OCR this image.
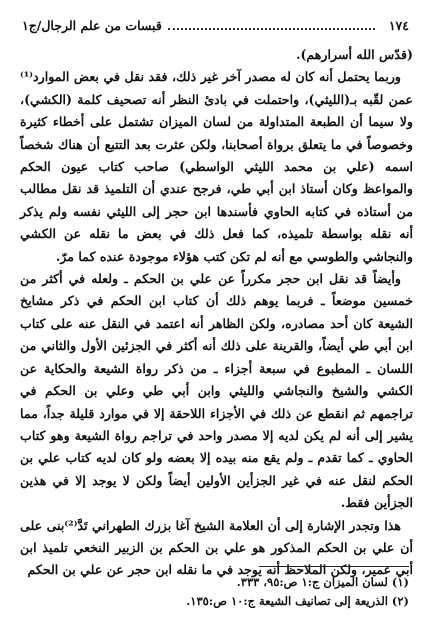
١٧٤
قبسات من علم الرجال/ج١

(قدّس الله أسرارهم).

وربما يحتمل أنه كان له مصدر آخر غير ذلك، فقد نقل في بعض الموارد⁽¹⁾عمن لقّبه بـ(الليثي)، واحتملت في بادئ النظر أنه تصحيف كلمة (الكشي)، ولا سيما أن الطبعة المتداولة من لسان الميزان تشتمل على أخطاء كثيرة وخصوصاً في ما يتعلق برواة أصحابنا، ولكن عثرت بعد التتبع أن هناك شخصاً اسمه (علي بن محمد الليثي الواسطي) صاحب كتاب عيون الحكم والمواعظ وكان أستاذ ابن أبي طي، فرجح عندي أن التلميذ قد نقل مطالب من أستاذه في كتابه الحاوي فأسندها ابن حجر إلى الليثي نفسه ولم يذكر أنه نقله بواسطة تلميذه، كما فعل ذلك في بعض ما نقله عن الكشي والنجاشي والطوسي مع أنه لم تكن كتب هؤلاء موجودة عنده كما مرّ.

وأيضاً قد نقل ابن حجر مكرراً عن علي بن الحكم ـ ولعله في أكثر من خمسين موضعاً ـ فربما يوهم ذلك أن كتاب ابن الحكم في ذكر مشايخ الشيعة كان أحد مصادره، ولكن الظاهر أنه اعتمد في النقل عنه على كتاب ابن أبي طي أيضاً، والقرينة على ذلك أنه أكثر في الجزئين الأول والثاني من اللسان ـ المطبوع في سبعة أجزاء ـ من ذكر رواة الشيعة والحكاية عن الكشي والشيخ والنجاشي والليثي وابن أبي طي وعلي بن الحكم في تراجمهم ثم انقطع عن ذلك في الأجزاء اللاحقة إلا في موارد قليلة جداً، مما يشير إلى أنه لم يكن لديه إلا مصدر واحد في تراجم رواة الشيعة وهو كتاب الحاوي ـ كما تقدم ـ ولم يقع منه بيده إلا بعضه ولو كان لديه كتاب علي بن الحكم لنقل عنه في غير الجزأين الأولين أيضاً ولكن لا يوجد إلا في هذين الجزأين فقط.

هذا وتجدر الإشارة إلى أن العلامة الشيخ آغا بزرك الطهراني تَدَّ⁽²⁾بنى على أن علي بن الحكم المذكور هو علي بن الحكم بن الزبير النخعي تلميذ ابن أبي عمير، ولكن الملاحظ أنه يوجد في ما نقله ابن حجر عن علي بن الحكم

(١) لسان الميزان ج:١ ص:٩٥، ٣٣٣.

(٢) الذريعة إلى تصانيف الشيعة ج:١٠ ص:١٣٥.
